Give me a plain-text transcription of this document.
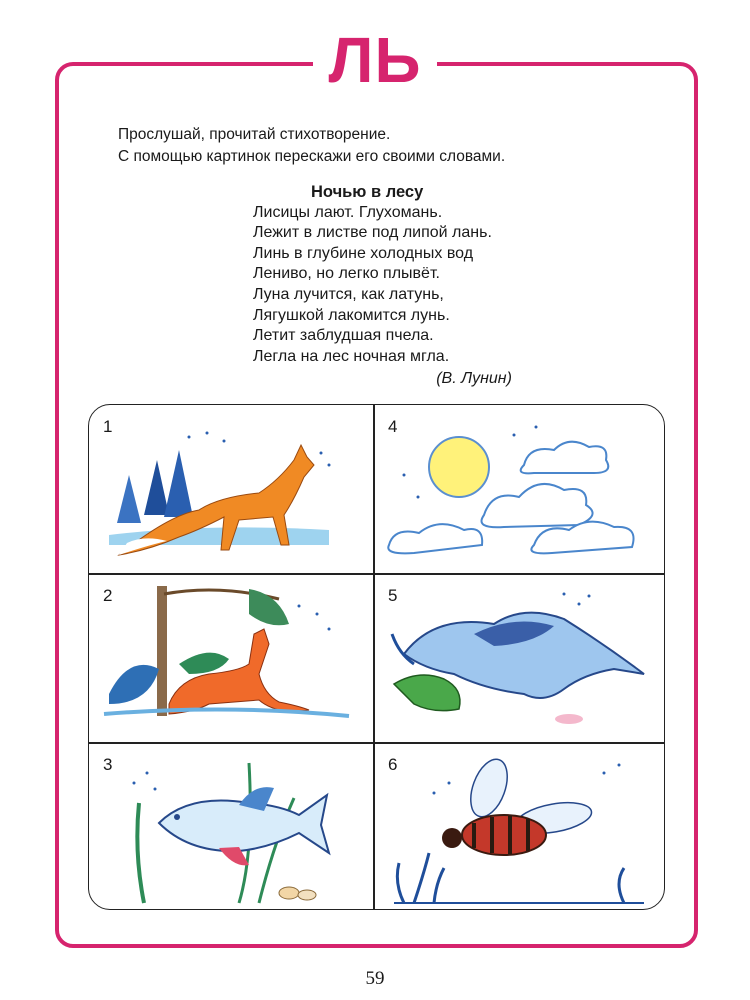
ЛЬ
Прослушай, прочитай стихотворение.
С помощью картинок перескажи его своими словами.
Ночью в лесу
Лисицы лают. Глухомань.
Лежит в листве под липой лань.
Линь в глубине холодных вод
Лениво, но легко плывёт.
Луна лучится, как латунь,
Лягушкой лакомится лунь.
Летит заблудшая пчела.
Легла на лес ночная мгла.
(В. Лунин)
1	4
2	5
3	6
59
